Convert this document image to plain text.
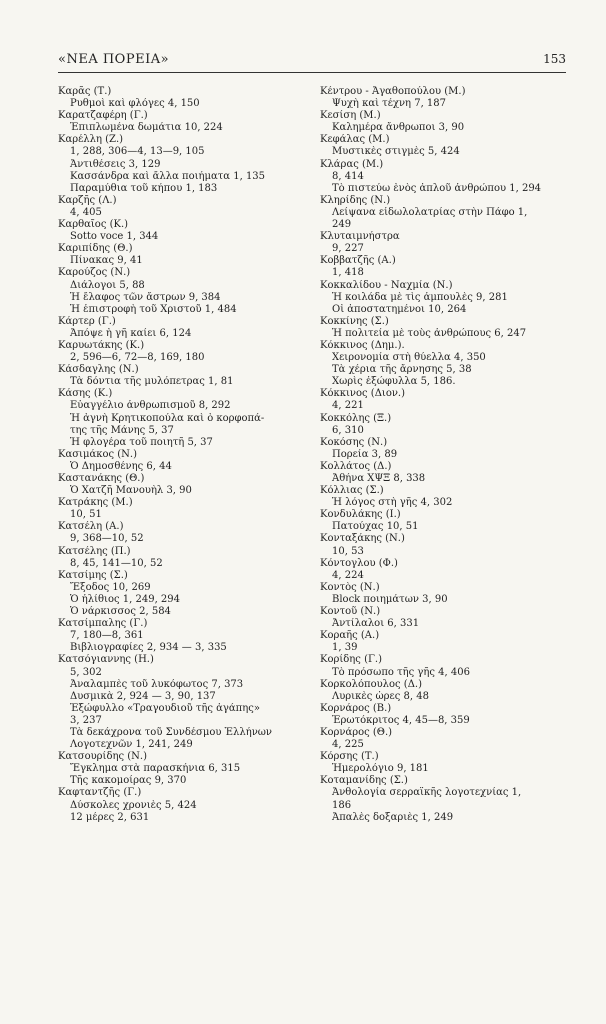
«ΝΕΑ ΠΟΡΕΙΑ»	153
Καρᾶς (Τ.)
Ρυθμοὶ καὶ φλόγες 4, 150
Καρατζαφέρη (Γ.)
Ἐπιπλωμένα δωμάτια 10, 224
Καρέλλη (Ζ.)
1, 288, 306—4, 13—9, 105
Ἀντιθέσεις 3, 129
Κασσάνδρα καὶ ἄλλα ποιήματα 1, 135
Παραμύθια τοῦ κήπου 1, 183
Καρζῆς (Λ.)
4, 405
Καρθαῖος (Κ.)
Sotto voce 1, 344
Καριπίδης (Θ.)
Πίνακας 9, 41
Καρούζος (Ν.)
Διάλογοι 5, 88
Ἡ ἔλαφος τῶν ἄστρων 9, 384
Ἡ ἐπιστροφὴ τοῦ Χριστοῦ 1, 484
Κάρτερ (Γ.)
Ἀπόψε ἡ γῆ καίει 6, 124
Καρυωτάκης (Κ.)
2, 596—6, 72—8, 169, 180
Κάσδαγλης (Ν.)
Τὰ δόντια τῆς μυλόπετρας 1, 81
Κάσης (Κ.)
Εὐαγγέλιο ἀνθρωπισμοῦ 8, 292
Ἡ ἁγνὴ Κρητικοπούλα καὶ ὁ κορφοπά-
της τῆς Μάνης 5, 37
Ἡ φλογέρα τοῦ ποιητῆ 5, 37
Κασιμάκος (Ν.)
Ὁ Δημοσθένης 6, 44
Καστανάκης (Θ.)
Ὁ Χατζῆ Μανουὴλ 3, 90
Κατράκης (Μ.)
10, 51
Κατσέλη (Α.)
9, 368—10, 52
Κατσέλης (Π.)
8, 45, 141—10, 52
Κατσίμης (Σ.)
Ἔξοδος 10, 269
Ὁ ἠλίθιος 1, 249, 294
Ὁ νάρκισσος 2, 584
Κατσίμπαλης (Γ.)
7, 180—8, 361
Βιβλιογραφίες 2, 934 — 3, 335
Κατσόγιαννης (Η.)
5, 302
Ἀναλαμπὲς τοῦ λυκόφωτος 7, 373
Δυσμικὰ 2, 924 — 3, 90, 137
Ἐξώφυλλο «Τραγουδιοῦ τῆς ἀγάπης»
3, 237
Τὰ δεκάχρονα τοῦ Συνδέσμου Ἑλλήνων
Λογοτεχνῶν 1, 241, 249
Κατσουρίδης (Ν.)
Ἔγκλημα στὰ παρασκήνια 6, 315
Τῆς κακομοίρας 9, 370
Καφταντζῆς (Γ.)
Δύσκολες χρονιὲς 5, 424
12 μέρες 2, 631
Κέντρου - Ἀγαθοπούλου (Μ.)
Ψυχὴ καὶ τέχνη 7, 187
Κεσίση (Μ.)
Καλημέρα ἄνθρωποι 3, 90
Κεφάλας (Μ.)
Μυστικὲς στιγμὲς 5, 424
Κλάρας (Μ.)
8, 414
Τὸ πιστεύω ἑνὸς ἁπλοῦ ἀνθρώπου 1, 294
Κληρίδης (Ν.)
Λείψανα εἰδωλολατρίας στὴν Πάφο 1,
249
Κλυταιμνήστρα
9, 227
Κοββατζῆς (Α.)
1, 418
Κοκκαλίδου - Ναχμία (Ν.)
Ἡ κοιλάδα μὲ τὶς ἀμπουλὲς 9, 281
Οἱ ἀποστατημένοι 10, 264
Κοκκίνης (Σ.)
Ἡ πολιτεία μὲ τοὺς ἀνθρώπους 6, 247
Κόκκινος (Δημ.).
Χειρονομία στὴ θύελλα 4, 350
Τὰ χέρια τῆς ἄρνησης 5, 38
Χωρὶς ἐξώφυλλα 5, 186.
Κόκκινος (Διον.)
4, 221
Κοκκόλης (Ξ.)
6, 310
Κοκόσης (Ν.)
Πορεία 3, 89
Κολλάτος (Δ.)
Ἀθήνα ΧΨΞ 8, 338
Κόλλιας (Σ.)
Ἡ λόγος στὴ γῆς 4, 302
Κονδυλάκης (Ι.)
Πατούχας 10, 51
Κονταξάκης (Ν.)
10, 53
Κόντογλου (Φ.)
4, 224
Κοντὸς (Ν.)
Block ποιημάτων 3, 90
Κοντοῦ (Ν.)
Ἀντίλαλοι 6, 331
Κοραῆς (Α.)
1, 39
Κορίδης (Γ.)
Τὸ πρόσωπο τῆς γῆς 4, 406
Κορκολόπουλος (Δ.)
Λυρικὲς ὧρες 8, 48
Κορνάρος (Β.)
Ἐρωτόκριτος 4, 45—8, 359
Κορνάρος (Θ.)
4, 225
Κόρσης (Τ.)
Ἡμερολόγιο 9, 181
Κοταμανίδης (Σ.)
Ἀνθολογία σερραϊκῆς λογοτεχνίας 1,
186
Ἀπαλὲς δοξαριὲς 1, 249
